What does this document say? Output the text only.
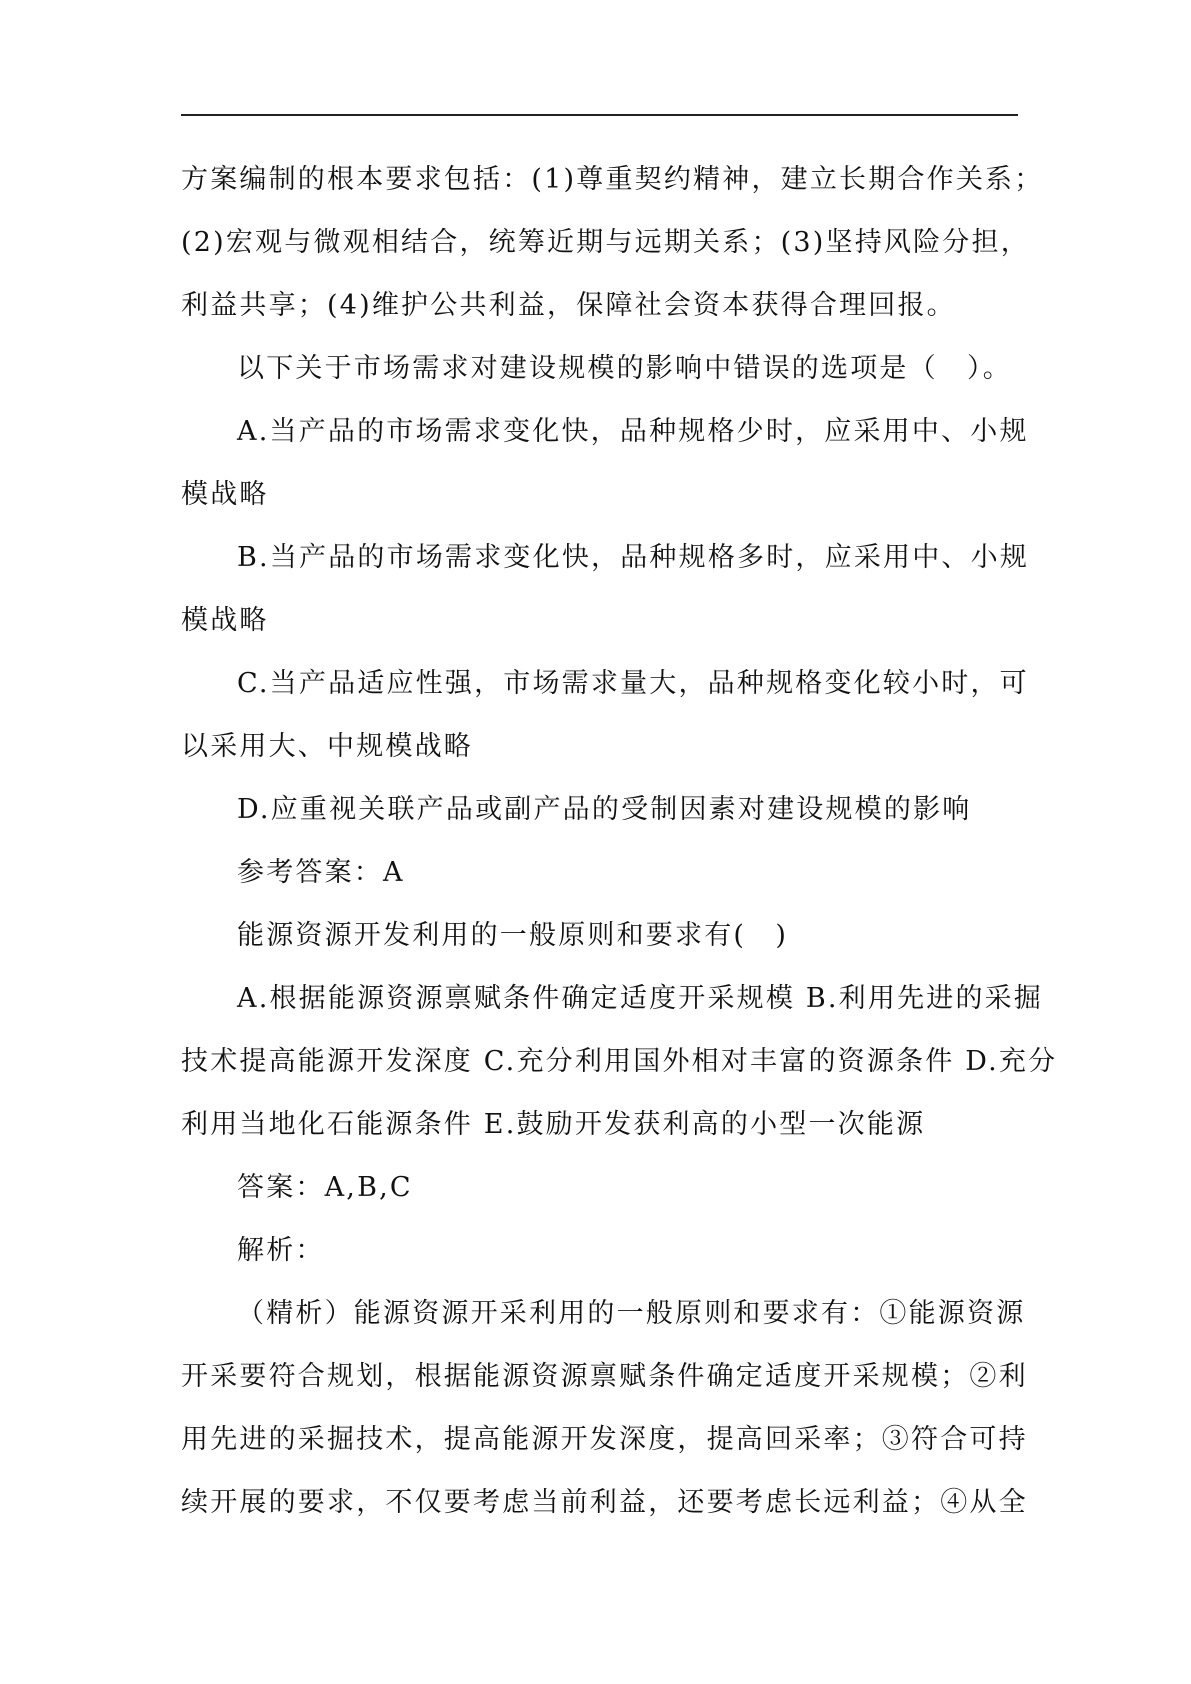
方案编制的根本要求包括：(1)尊重契约精神，建立长期合作关系；

(2)宏观与微观相结合，统筹近期与远期关系；(3)坚持风险分担，

利益共享；(4)维护公共利益，保障社会资本获得合理回报。

以下关于市场需求对建设规模的影响中错误的选项是（　）。

A.当产品的市场需求变化快，品种规格少时，应采用中、小规

模战略

B.当产品的市场需求变化快，品种规格多时，应采用中、小规

模战略

C.当产品适应性强，市场需求量大，品种规格变化较小时，可

以采用大、中规模战略

D.应重视关联产品或副产品的受制因素对建设规模的影响

参考答案：A

能源资源开发利用的一般原则和要求有(　)

A.根据能源资源禀赋条件确定适度开采规模 B.利用先进的采掘

技术提高能源开发深度 C.充分利用国外相对丰富的资源条件 D.充分

利用当地化石能源条件 E.鼓励开发获利高的小型一次能源

答案：A,B,C

解析：

（精析）能源资源开采利用的一般原则和要求有：①能源资源

开采要符合规划，根据能源资源禀赋条件确定适度开采规模；②利

用先进的采掘技术，提高能源开发深度，提高回采率；③符合可持

续开展的要求，不仅要考虑当前利益，还要考虑长远利益；④从全
